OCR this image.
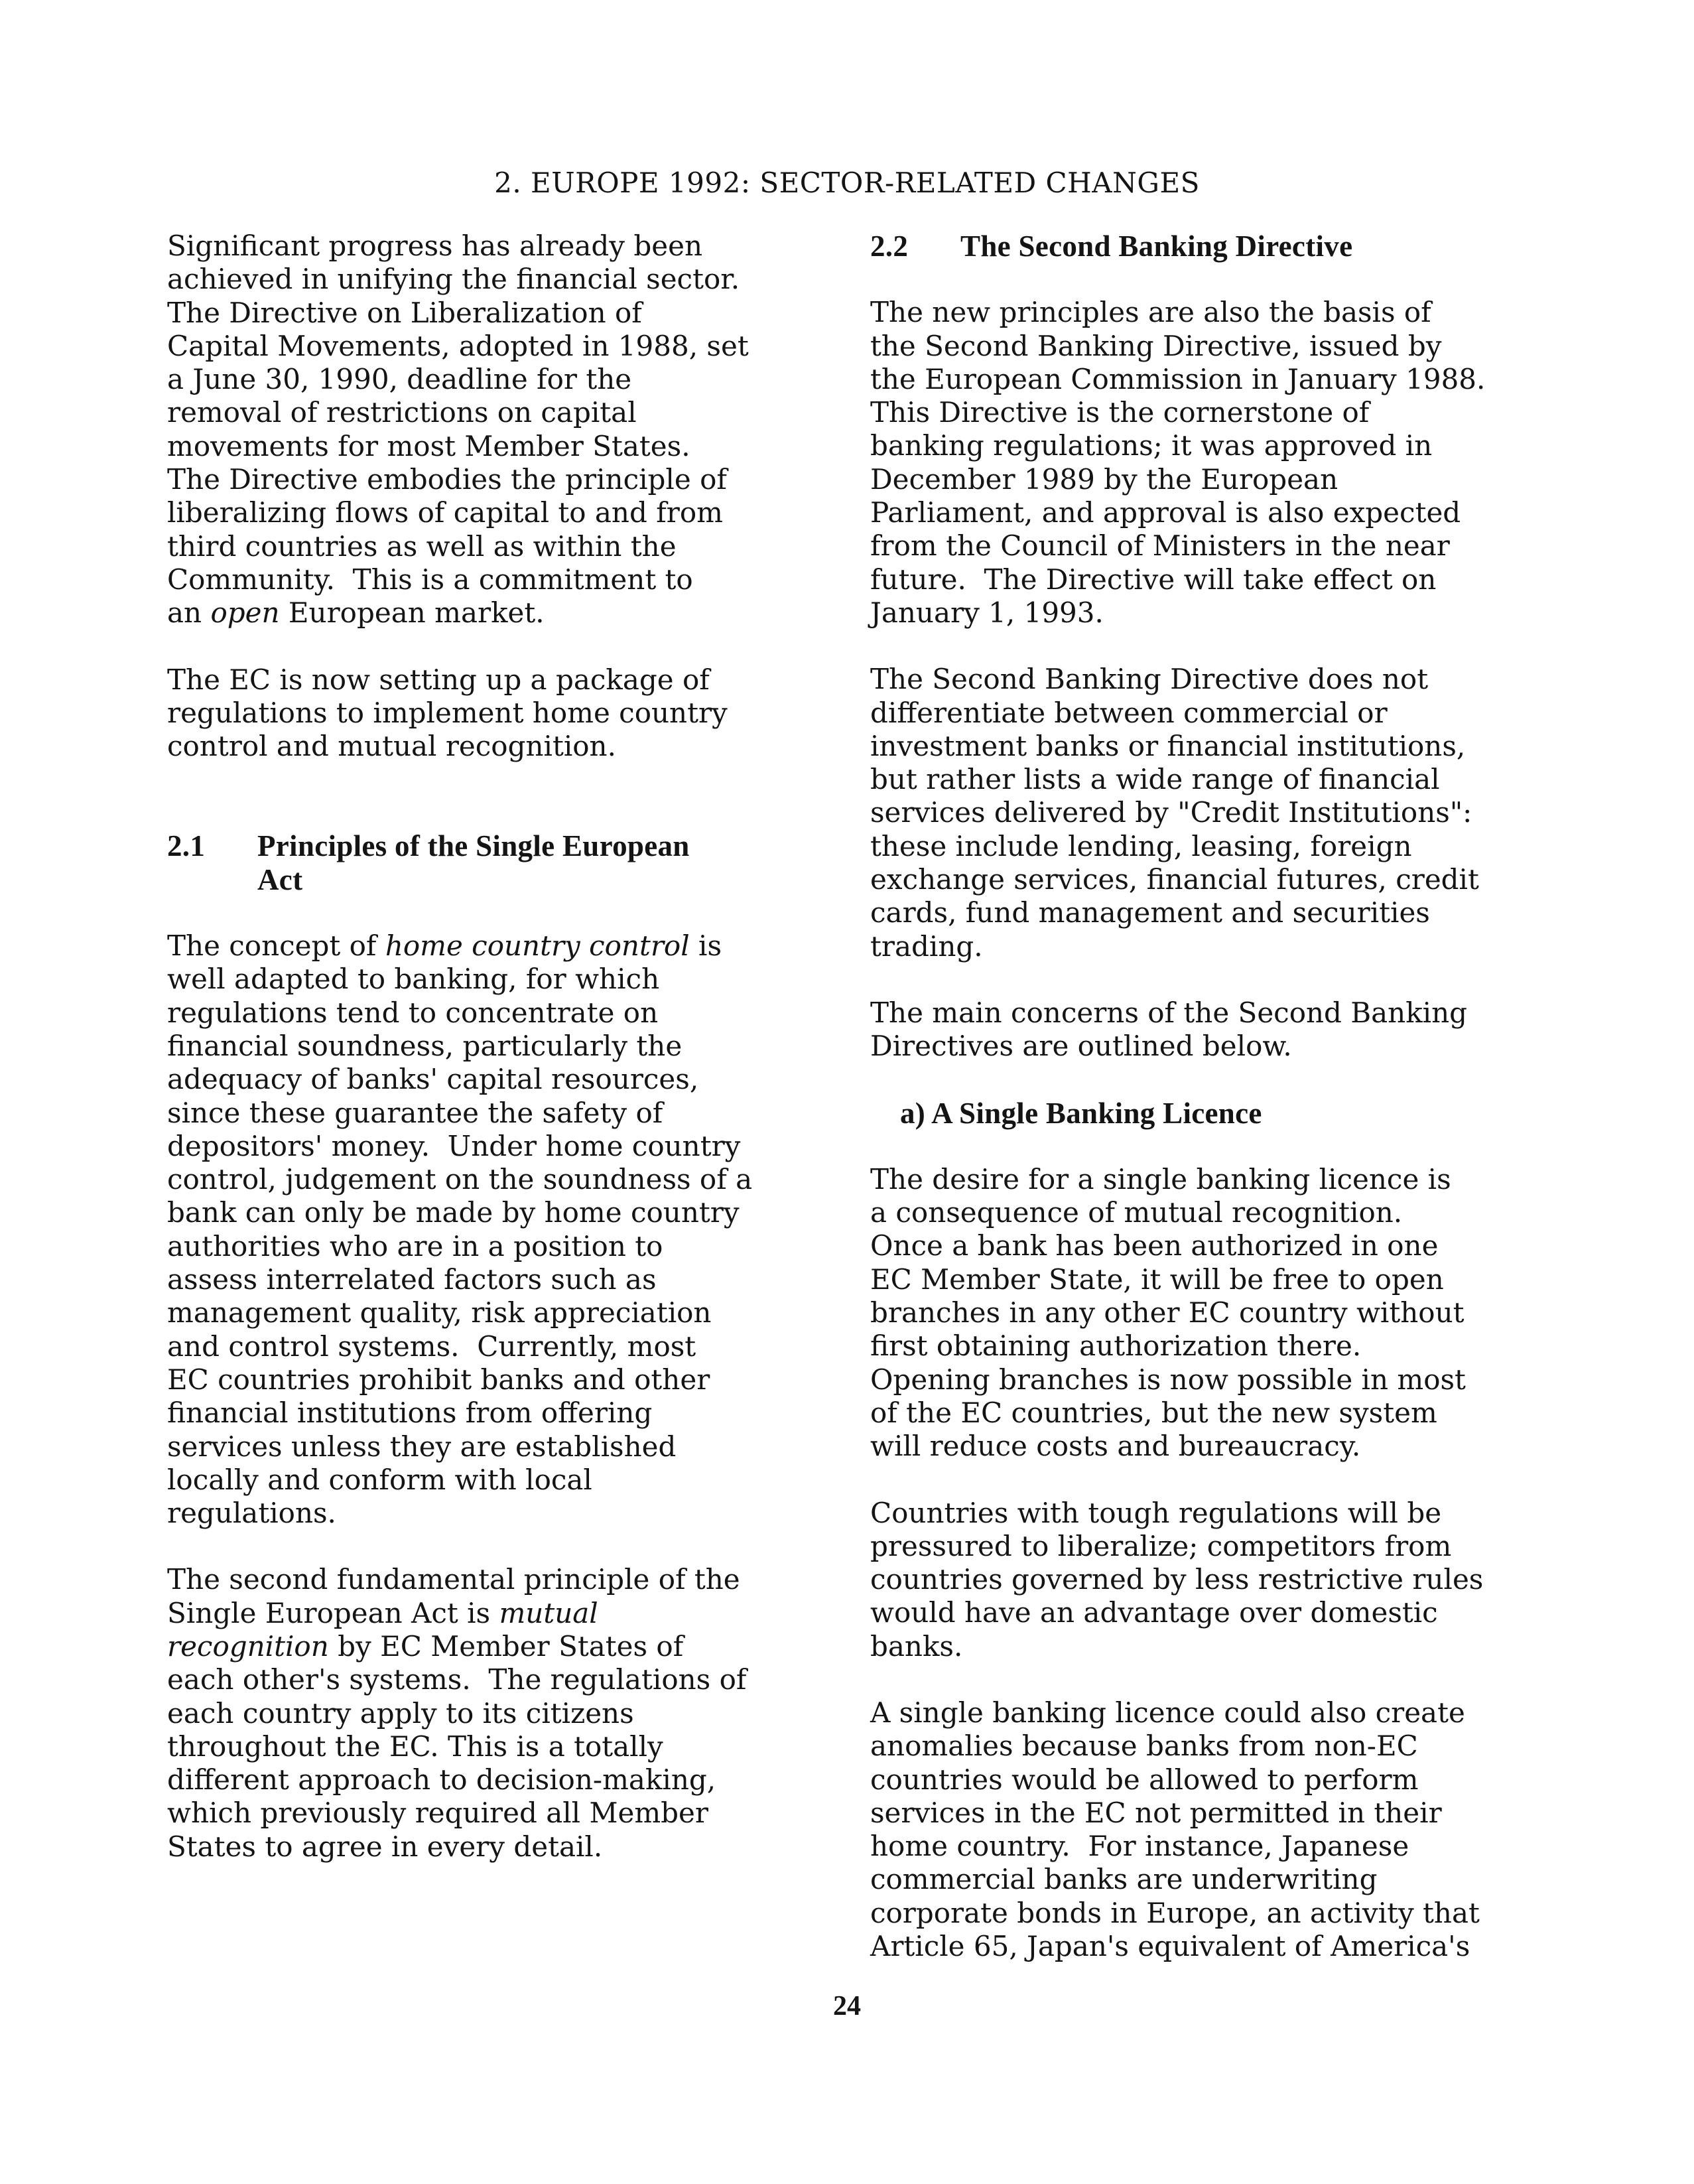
2. EUROPE 1992: SECTOR-RELATED CHANGES
Significant progress has already been
achieved in unifying the financial sector.
The Directive on Liberalization of
Capital Movements, adopted in 1988, set
a June 30, 1990, deadline for the
removal of restrictions on capital
movements for most Member States.
The Directive embodies the principle of
liberalizing flows of capital to and from
third countries as well as within the
Community.  This is a commitment to
an open European market.
The EC is now setting up a package of
regulations to implement home country
control and mutual recognition.
2.1	Principles of the Single European
Act
The concept of home country control is
well adapted to banking, for which
regulations tend to concentrate on
financial soundness, particularly the
adequacy of banks' capital resources,
since these guarantee the safety of
depositors' money.  Under home country
control, judgement on the soundness of a
bank can only be made by home country
authorities who are in a position to
assess interrelated factors such as
management quality, risk appreciation
and control systems.  Currently, most
EC countries prohibit banks and other
financial institutions from offering
services unless they are established
locally and conform with local
regulations.
The second fundamental principle of the
Single European Act is mutual
recognition by EC Member States of
each other's systems.  The regulations of
each country apply to its citizens
throughout the EC. This is a totally
different approach to decision-making,
which previously required all Member
States to agree in every detail.
2.2	The Second Banking Directive
The new principles are also the basis of
the Second Banking Directive, issued by
the European Commission in January 1988.
This Directive is the cornerstone of
banking regulations; it was approved in
December 1989 by the European
Parliament, and approval is also expected
from the Council of Ministers in the near
future.  The Directive will take effect on
January 1, 1993.
The Second Banking Directive does not
differentiate between commercial or
investment banks or financial institutions,
but rather lists a wide range of financial
services delivered by "Credit Institutions":
these include lending, leasing, foreign
exchange services, financial futures, credit
cards, fund management and securities
trading.
The main concerns of the Second Banking
Directives are outlined below.
a) A Single Banking Licence
The desire for a single banking licence is
a consequence of mutual recognition.
Once a bank has been authorized in one
EC Member State, it will be free to open
branches in any other EC country without
first obtaining authorization there.
Opening branches is now possible in most
of the EC countries, but the new system
will reduce costs and bureaucracy.
Countries with tough regulations will be
pressured to liberalize; competitors from
countries governed by less restrictive rules
would have an advantage over domestic
banks.
A single banking licence could also create
anomalies because banks from non-EC
countries would be allowed to perform
services in the EC not permitted in their
home country.  For instance, Japanese
commercial banks are underwriting
corporate bonds in Europe, an activity that
Article 65, Japan's equivalent of America's
24
